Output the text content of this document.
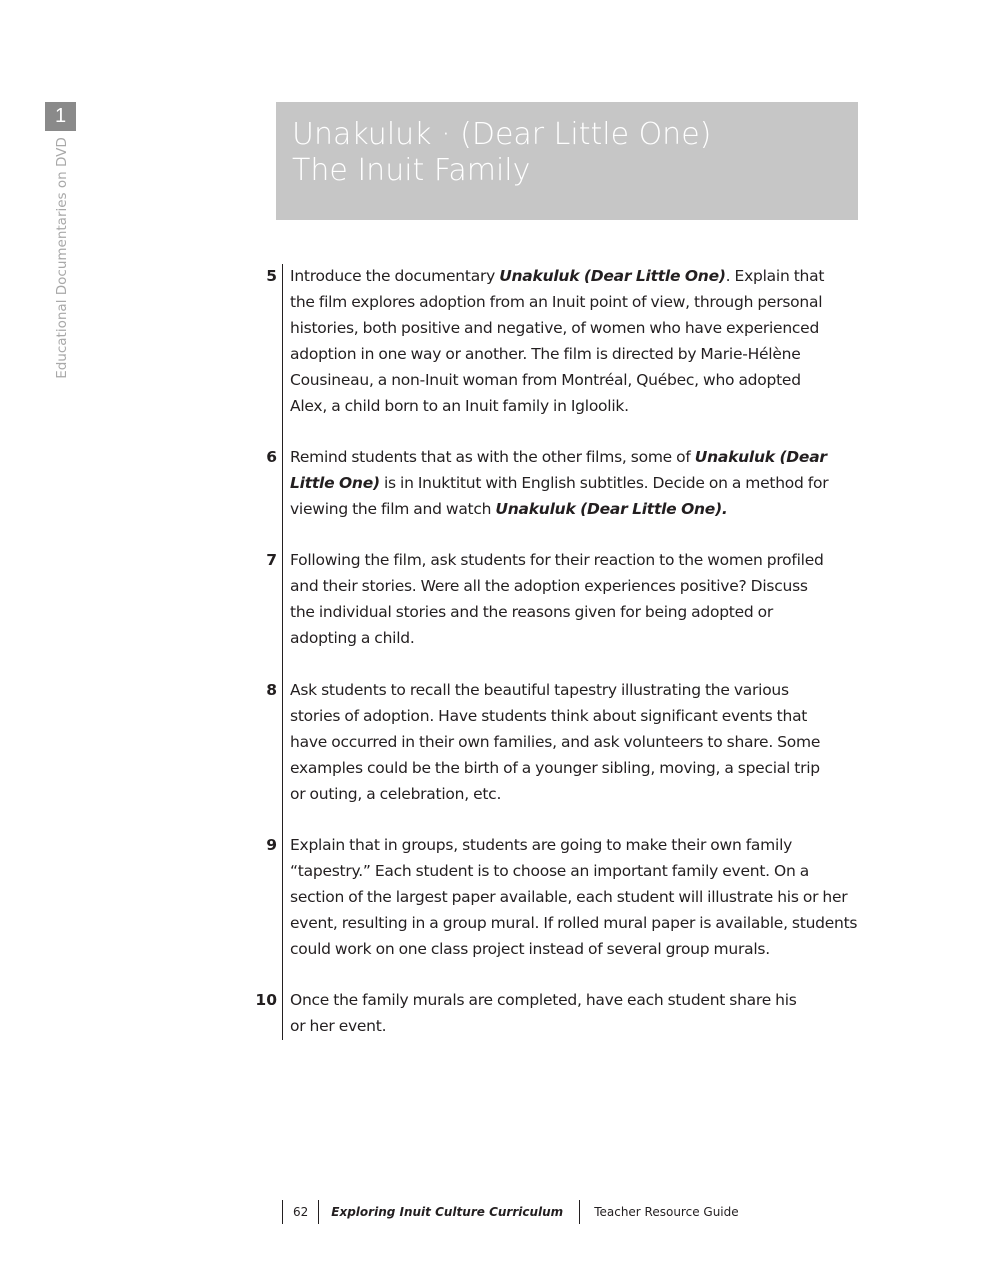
1
Educational Documentaries on DVD
Unakuluk · (Dear Little One)
The Inuit Family
5 Introduce the documentary Unakuluk (Dear Little One). Explain that
the film explores adoption from an Inuit point of view, through personal
histories, both positive and negative, of women who have experienced
adoption in one way or another. The film is directed by Marie-Hélène
Cousineau, a non-Inuit woman from Montréal, Québec, who adopted
Alex, a child born to an Inuit family in Igloolik.
6 Remind students that as with the other films, some of Unakuluk (Dear
Little One) is in Inuktitut with English subtitles. Decide on a method for
viewing the film and watch Unakuluk (Dear Little One).
7 Following the film, ask students for their reaction to the women profiled
and their stories. Were all the adoption experiences positive? Discuss
the individual stories and the reasons given for being adopted or
adopting a child.
8 Ask students to recall the beautiful tapestry illustrating the various
stories of adoption. Have students think about significant events that
have occurred in their own families, and ask volunteers to share. Some
examples could be the birth of a younger sibling, moving, a special trip
or outing, a celebration, etc.
9 Explain that in groups, students are going to make their own family
“tapestry.” Each student is to choose an important family event. On a
section of the largest paper available, each student will illustrate his or her
event, resulting in a group mural. If rolled mural paper is available, students
could work on one class project instead of several group murals.
10 Once the family murals are completed, have each student share his
or her event.
62	Exploring Inuit Culture Curriculum	Teacher Resource Guide
